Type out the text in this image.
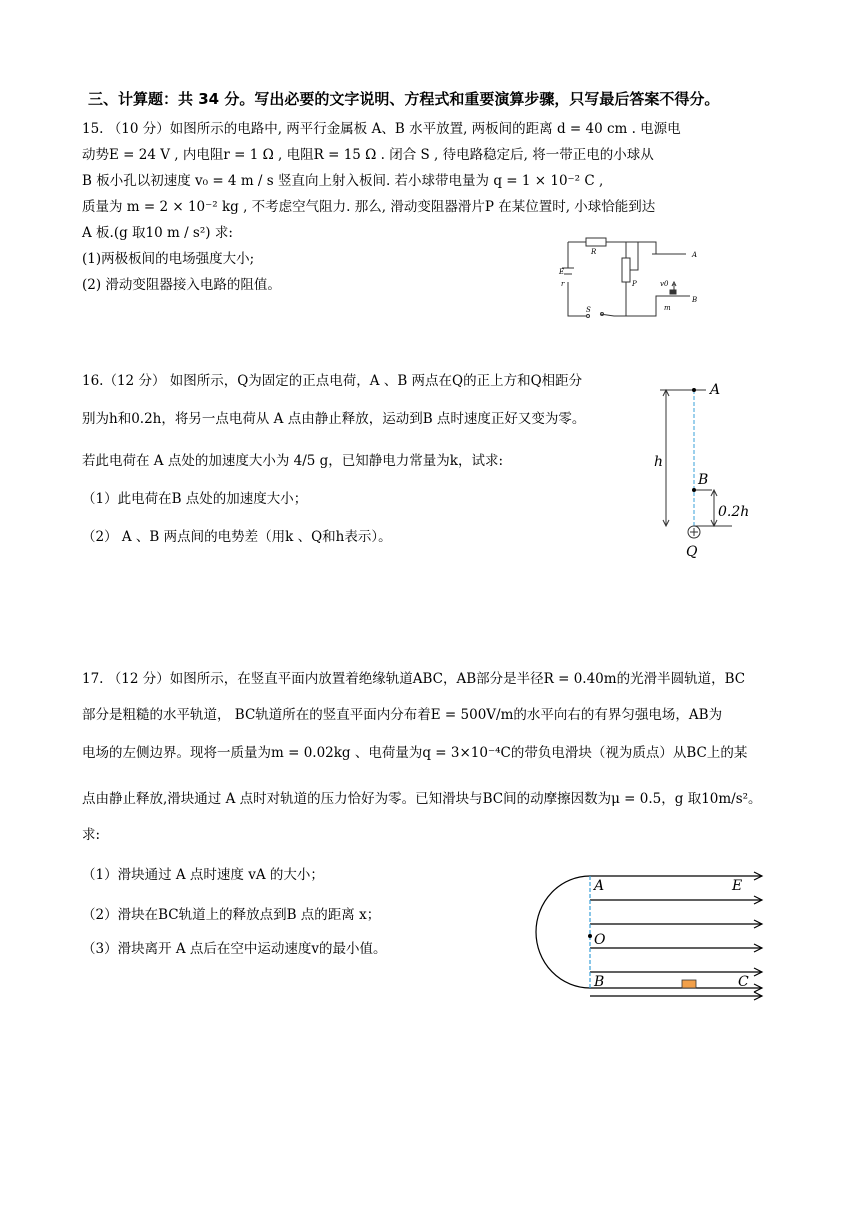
三、计算题：共 34 分。写出必要的文字说明、方程式和重要演算步骤，只写最后答案不得分。
15. （10 分）如图所示的电路中, 两平行金属板 A、B 水平放置, 两板间的距离 d = 40 cm . 电源电
动势E = 24 V , 内电阻r = 1 Ω , 电阻R = 15 Ω . 闭合 S , 待电路稳定后, 将一带正电的小球从
B 板小孔以初速度 v₀ = 4 m / s 竖直向上射入板间. 若小球带电量为 q = 1 × 10⁻² C ,
质量为 m = 2 × 10⁻² kg , 不考虑空气阻力. 那么, 滑动变阻器滑片P 在某位置时, 小球恰能到达
A 板.(g 取10 m / s²) 求:
(1)两极板间的电场强度大小;
(2) 滑动变阻器接入电路的阻值。
R	A
B
P
S
E
r	v0
m
16.（12 分） 如图所示，Q为固定的正点电荷，A 、B 两点在Q的正上方和Q相距分
别为h和0.2h，将另一点电荷从 A 点由静止释放，运动到B 点时速度正好又变为零。
若此电荷在 A 点处的加速度大小为 4/5 g，已知静电力常量为k，试求:
（1）此电荷在B 点处的加速度大小；
（2） A 、B 两点间的电势差（用k 、Q和h表示）。
A
B
h
0.2h
Q
17. （12 分）如图所示，在竖直平面内放置着绝缘轨道ABC，AB部分是半径R = 0.40m的光滑半圆轨道，BC
部分是粗糙的水平轨道， BC轨道所在的竖直平面内分布着E = 500V/m的水平向右的有界匀强电场，AB为
电场的左侧边界。现将一质量为m = 0.02kg 、电荷量为q = 3×10⁻⁴C的带负电滑块（视为质点）从BC上的某
点由静止释放,滑块通过 A 点时对轨道的压力恰好为零。已知滑块与BC间的动摩擦因数为μ = 0.5，g 取10m/s²。
求:
（1）滑块通过 A 点时速度 vA 的大小；
（2）滑块在BC轨道上的释放点到B 点的距离 x；
（3）滑块离开 A 点后在空中运动速度v的最小值。
A	E
O
B	C
